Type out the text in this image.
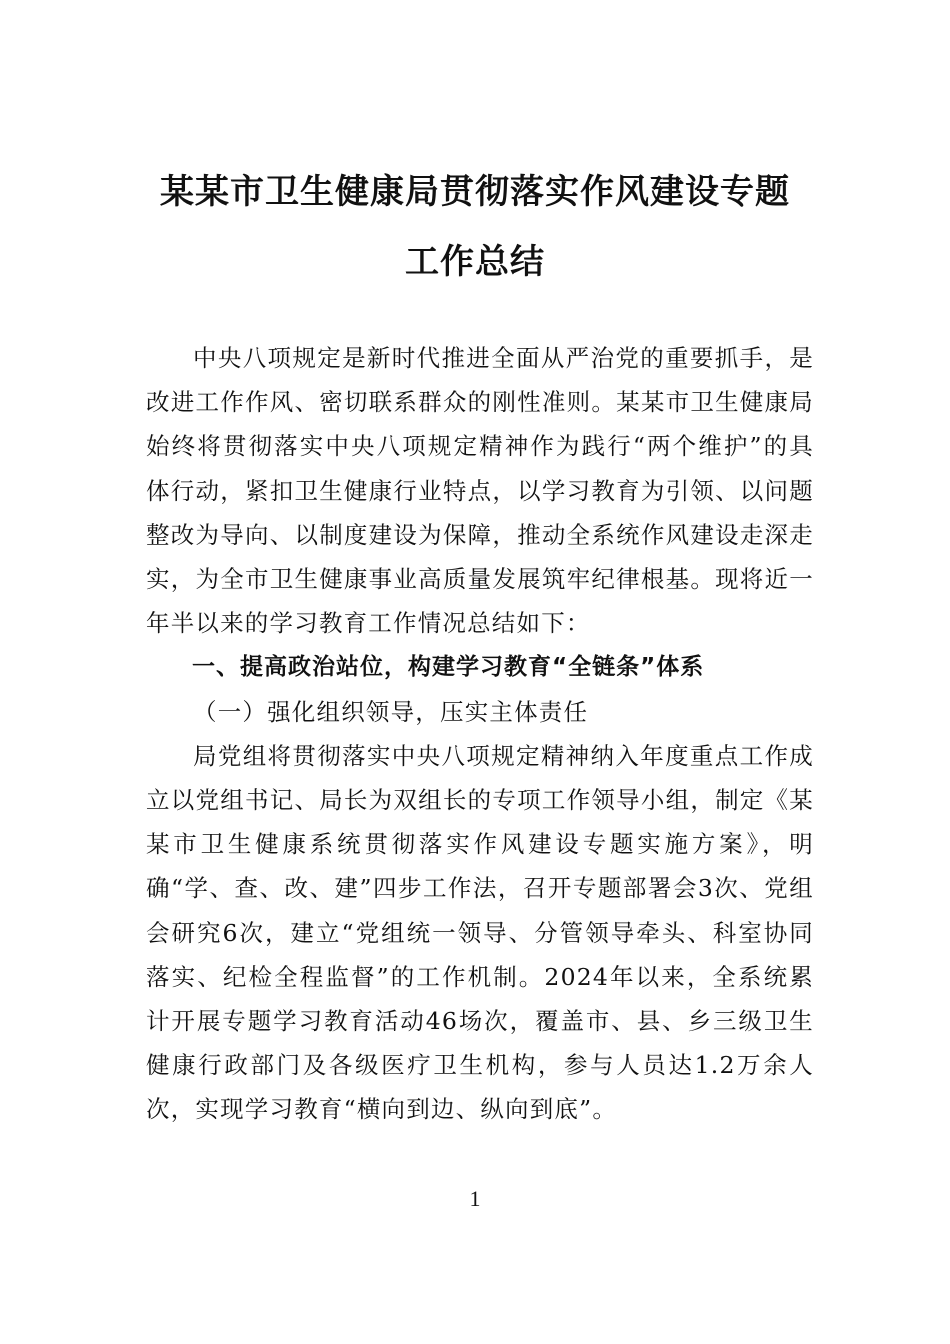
某某市卫生健康局贯彻落实作风建设专题
工作总结

中央八项规定是新时代推进全面从严治党的重要抓手，是改进工作作风、密切联系群众的刚性准则。某某市卫生健康局始终将贯彻落实中央八项规定精神作为践行“两个维护”的具体行动，紧扣卫生健康行业特点，以学习教育为引领、以问题整改为导向、以制度建设为保障，推动全系统作风建设走深走实，为全市卫生健康事业高质量发展筑牢纪律根基。现将近一年半以来的学习教育工作情况总结如下：

一、提高政治站位，构建学习教育“全链条”体系

（一）强化组织领导，压实主体责任

局党组将贯彻落实中央八项规定精神纳入年度重点工作成立以党组书记、局长为双组长的专项工作领导小组，制定《某某市卫生健康系统贯彻落实作风建设专题实施方案》，明确“学、查、改、建”四步工作法，召开专题部署会3次、党组会研究6次，建立“党组统一领导、分管领导牵头、科室协同落实、纪检全程监督”的工作机制。2024年以来，全系统累计开展专题学习教育活动46场次，覆盖市、县、乡三级卫生健康行政部门及各级医疗卫生机构，参与人员达1.2万余人次，实现学习教育“横向到边、纵向到底”。

1
